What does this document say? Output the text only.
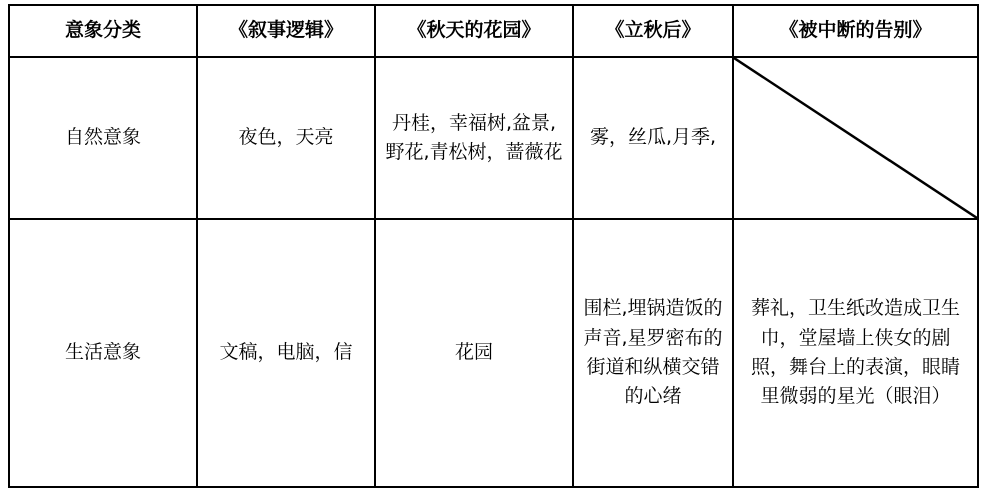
意象分类	《叙事逻辑》	《秋天的花园》	《立秋后》	《被中断的告别》
自然意象	夜色，天亮	丹桂，幸福树,盆景,野花,青松树，蔷薇花	雾，丝瓜,月季,	

生活意象	文稿，电脑，信	花园	围栏,埋锅造饭的声音,星罗密布的街道和纵横交错的心绪	葬礼，卫生纸改造成卫生巾，堂屋墙上侠女的剧照，舞台上的表演，眼睛里微弱的星光（眼泪）
